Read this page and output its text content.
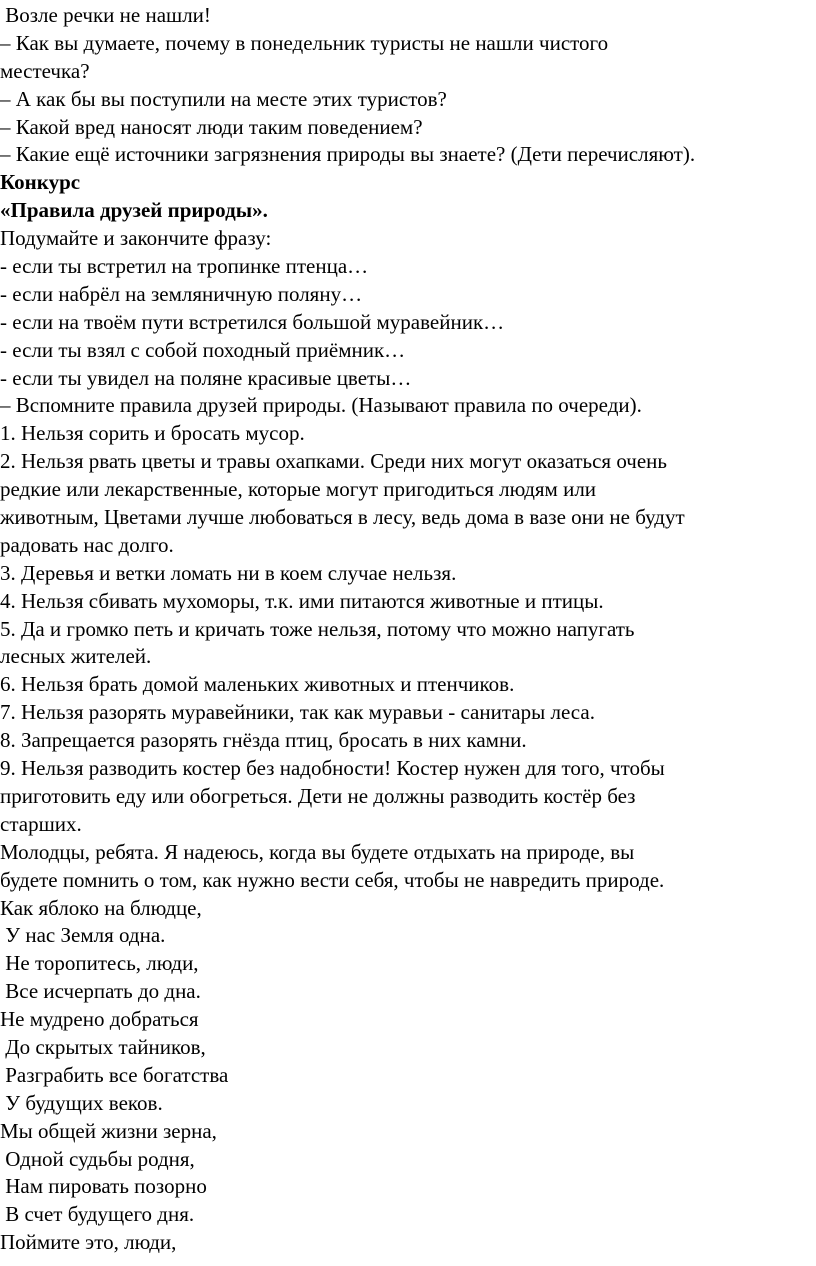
Возле речки не нашли!
– Как вы думаете, почему в понедельник туристы не нашли чистого
местечка?
– А как бы вы поступили на месте этих туристов?
– Какой вред наносят люди таким поведением?
– Какие ещё источники загрязнения природы вы знаете? (Дети перечисляют).
Конкурс
«Правила друзей природы».
Подумайте и закончите фразу:
- если ты встретил на тропинке птенца…
- если набрёл на земляничную поляну…
- если на твоём пути встретился большой муравейник…
- если ты взял с собой походный приёмник…
- если ты увидел на поляне красивые цветы…
– Вспомните правила друзей природы. (Называют правила по очереди).
1. Нельзя сорить и бросать мусор.
2. Нельзя рвать цветы и травы охапками. Среди них могут оказаться очень
редкие или лекарственные, которые могут пригодиться людям или
животным, Цветами лучше любоваться в лесу, ведь дома в вазе они не будут
радовать нас долго.
3. Деревья и ветки ломать ни в коем случае нельзя.
4. Нельзя сбивать мухоморы, т.к. ими питаются животные и птицы.
5. Да и громко петь и кричать тоже нельзя, потому что можно напугать
лесных жителей.
6. Нельзя брать домой маленьких животных и птенчиков.
7. Нельзя разорять муравейники, так как муравьи - санитары леса.
8. Запрещается разорять гнёзда птиц, бросать в них камни.
9. Нельзя разводить костер без надобности! Костер нужен для того, чтобы
приготовить еду или обогреться. Дети не должны разводить костёр без
старших.
Молодцы, ребята. Я надеюсь, когда вы будете отдыхать на природе, вы
будете помнить о том, как нужно вести себя, чтобы не навредить природе.
Как яблоко на блюдце,
У нас Земля одна.
Не торопитесь, люди,
Все исчерпать до дна.
Не мудрено добраться
До скрытых тайников,
Разграбить все богатства
У будущих веков.
Мы общей жизни зерна,
Одной судьбы родня,
Нам пировать позорно
В счет будущего дня.
Поймите это, люди,
